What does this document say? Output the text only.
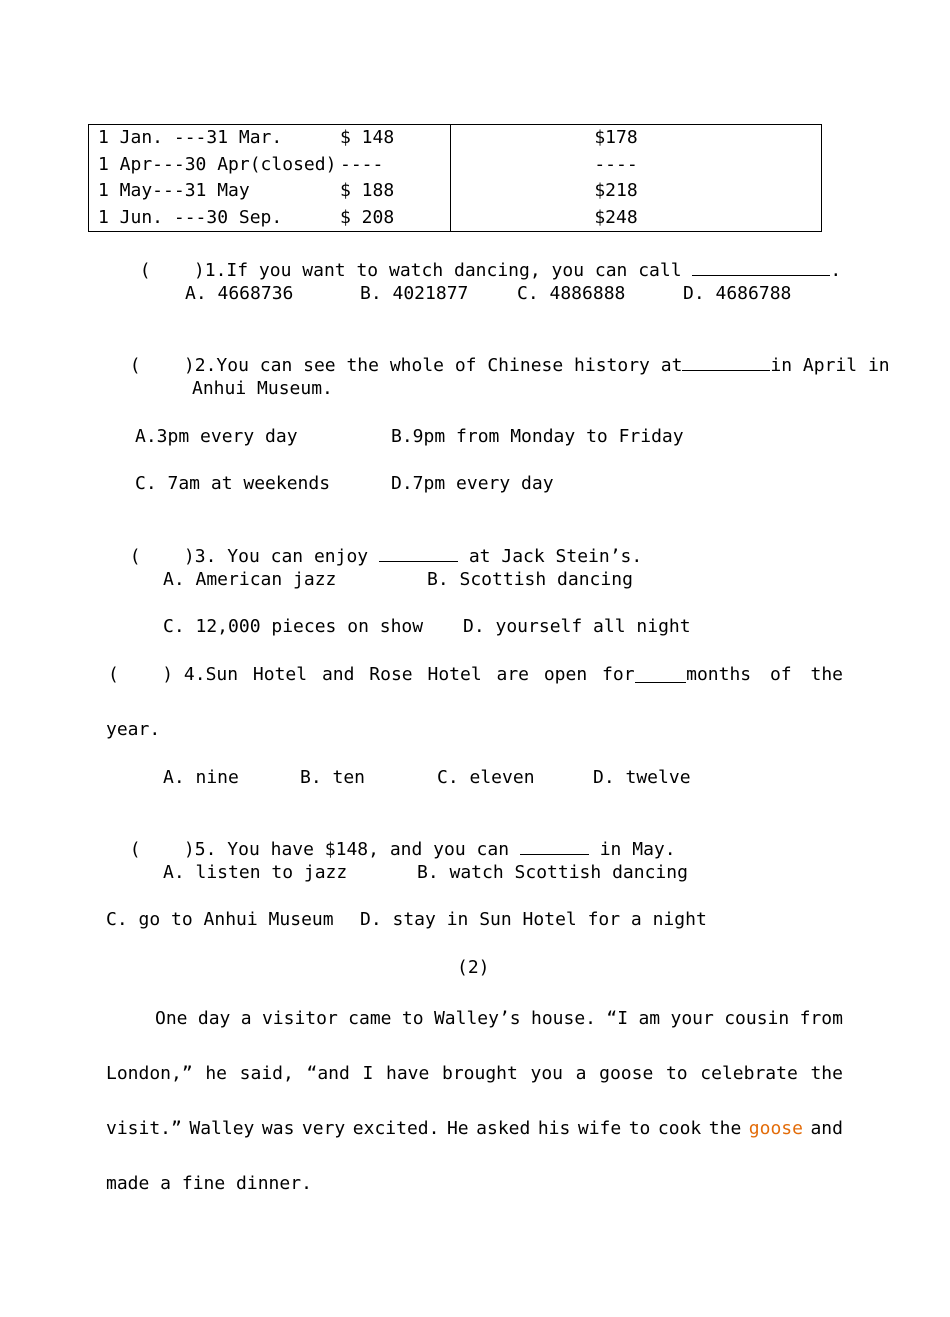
1 Jan. ---31 Mar.	$ 148	$178
1 Apr---30 Apr(closed)	----	----
1 May---31 May	$ 188	$218
1 Jun. ---30 Sep.	$ 208	$248

( )1.If you want to watch dancing, you can call	.

A. 4668736	B. 4021877	C. 4886888	D. 4686788

( )2.You can see the whole of Chinese history at	in April in

Anhui Museum.
A.3pm every day	B.9pm from Monday to Friday
C. 7am at weekends	D.7pm every day

( )3. You can enjoy	at Jack Stein’s.

A. American jazz	B. Scottish dancing
C. 12,000 pieces on show D. yourself all night
( ) 4. Sun Hotel and Rose Hotel are open for	months of the
year.
A. nine	B. ten	C. eleven	D. twelve

( )5. You have $148, and you can	in May.

A. listen to jazz	B. watch Scottish dancing
C. go to Anhui Museum D. stay in Sun Hotel for a night
(2)
One day a visitor came to Walley’s house. “I am your cousin from
London,” he said, “and I have brought you a goose to celebrate the
visit.” Walley was very excited. He asked his wife to cook the goose and
made a fine dinner.
